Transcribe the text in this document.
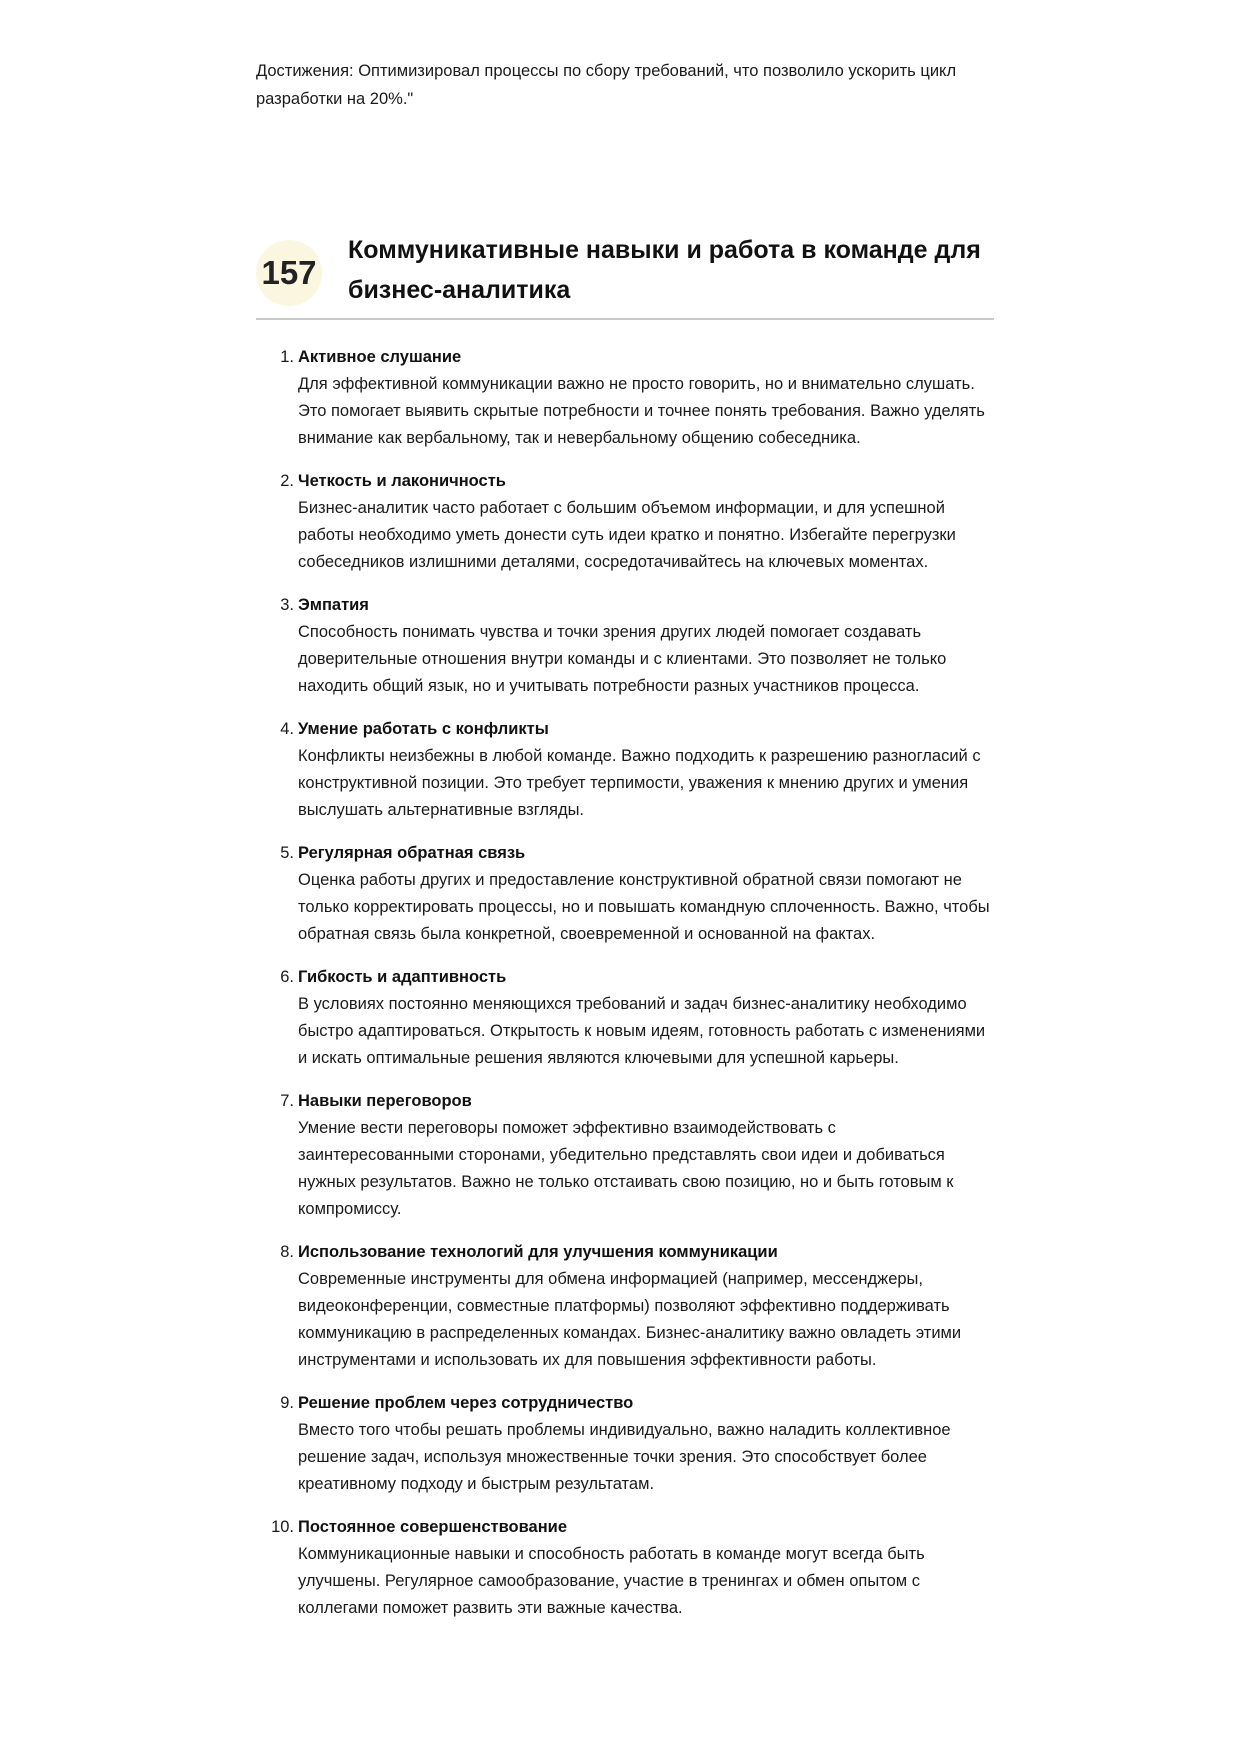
Достижения: Оптимизировал процессы по сбору требований, что позволило ускорить цикл разработки на 20%."

157
Коммуникативные навыки и работа в команде для бизнес-аналитика
1. Активное слушание
Для эффективной коммуникации важно не просто говорить, но и внимательно слушать. Это помогает выявить скрытые потребности и точнее понять требования. Важно уделять внимание как вербальному, так и невербальному общению собеседника.
2. Четкость и лаконичность
Бизнес-аналитик часто работает с большим объемом информации, и для успешной работы необходимо уметь донести суть идеи кратко и понятно. Избегайте перегрузки собеседников излишними деталями, сосредотачивайтесь на ключевых моментах.
3. Эмпатия
Способность понимать чувства и точки зрения других людей помогает создавать доверительные отношения внутри команды и с клиентами. Это позволяет не только находить общий язык, но и учитывать потребности разных участников процесса.
4. Умение работать с конфликты
Конфликты неизбежны в любой команде. Важно подходить к разрешению разногласий с конструктивной позиции. Это требует терпимости, уважения к мнению других и умения выслушать альтернативные взгляды.
5. Регулярная обратная связь
Оценка работы других и предоставление конструктивной обратной связи помогают не только корректировать процессы, но и повышать командную сплоченность. Важно, чтобы обратная связь была конкретной, своевременной и основанной на фактах.
6. Гибкость и адаптивность
В условиях постоянно меняющихся требований и задач бизнес-аналитику необходимо быстро адаптироваться. Открытость к новым идеям, готовность работать с изменениями и искать оптимальные решения являются ключевыми для успешной карьеры.
7. Навыки переговоров
Умение вести переговоры поможет эффективно взаимодействовать с заинтересованными сторонами, убедительно представлять свои идеи и добиваться нужных результатов. Важно не только отстаивать свою позицию, но и быть готовым к компромиссу.
8. Использование технологий для улучшения коммуникации
Современные инструменты для обмена информацией (например, мессенджеры, видеоконференции, совместные платформы) позволяют эффективно поддерживать коммуникацию в распределенных командах. Бизнес-аналитику важно овладеть этими инструментами и использовать их для повышения эффективности работы.
9. Решение проблем через сотрудничество
Вместо того чтобы решать проблемы индивидуально, важно наладить коллективное решение задач, используя множественные точки зрения. Это способствует более креативному подходу и быстрым результатам.
10. Постоянное совершенствование
Коммуникационные навыки и способность работать в команде могут всегда быть улучшены. Регулярное самообразование, участие в тренингах и обмен опытом с коллегами поможет развить эти важные качества.
